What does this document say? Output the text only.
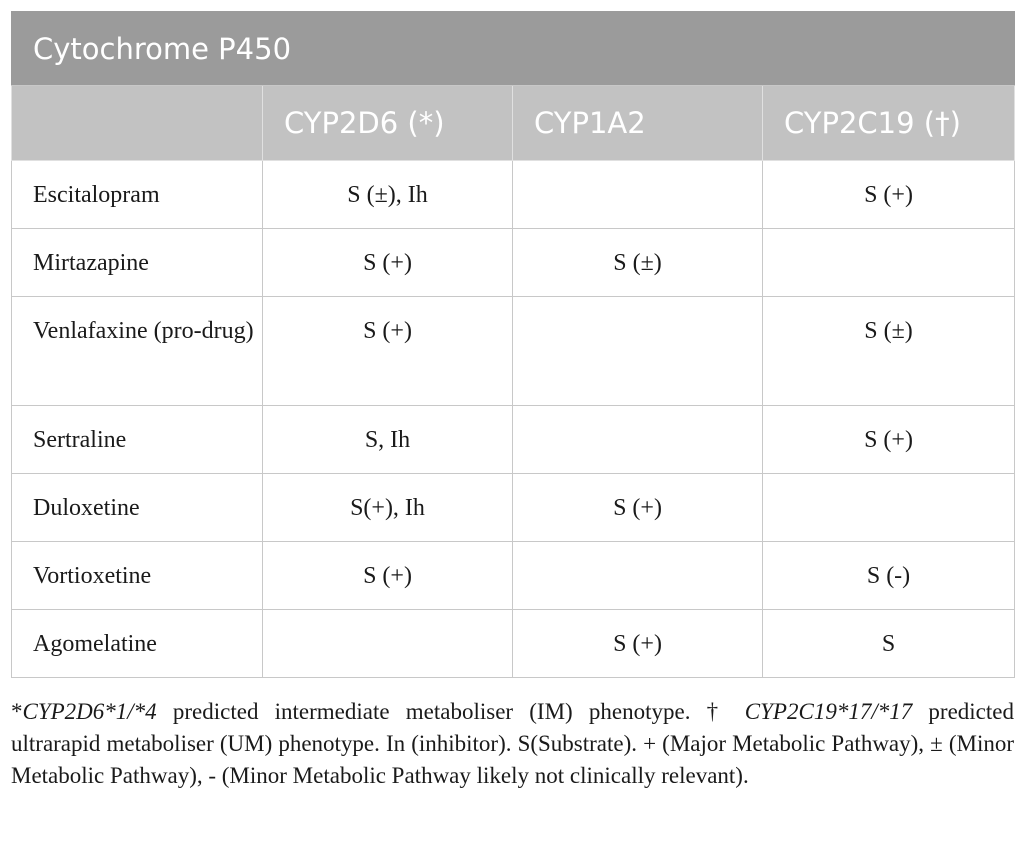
Cytochrome P450			
	CYP2D6 (*)	CYP1A2	CYP2C19 (†)
Escitalopram	S (±), Ih		S (+)
Mirtazapine	S (+)	S (±)	
Venlafaxine (pro-drug)	S (+)		S (±)
Sertraline	S, Ih		S (+)
Duloxetine	S(+), Ih	S (+)	
Vortioxetine	S (+)		S (-)
Agomelatine		S (+)	S
*CYP2D6*1/*4 predicted intermediate metaboliser (IM) phenotype. † CYP2C19*17/*17 predicted ultrarapid metaboliser (UM) phenotype. In (inhibitor). S(Substrate). + (Major Metabolic Pathway), ± (Minor Metabolic Pathway), - (Minor Metabolic Pathway likely not clinically relevant).
